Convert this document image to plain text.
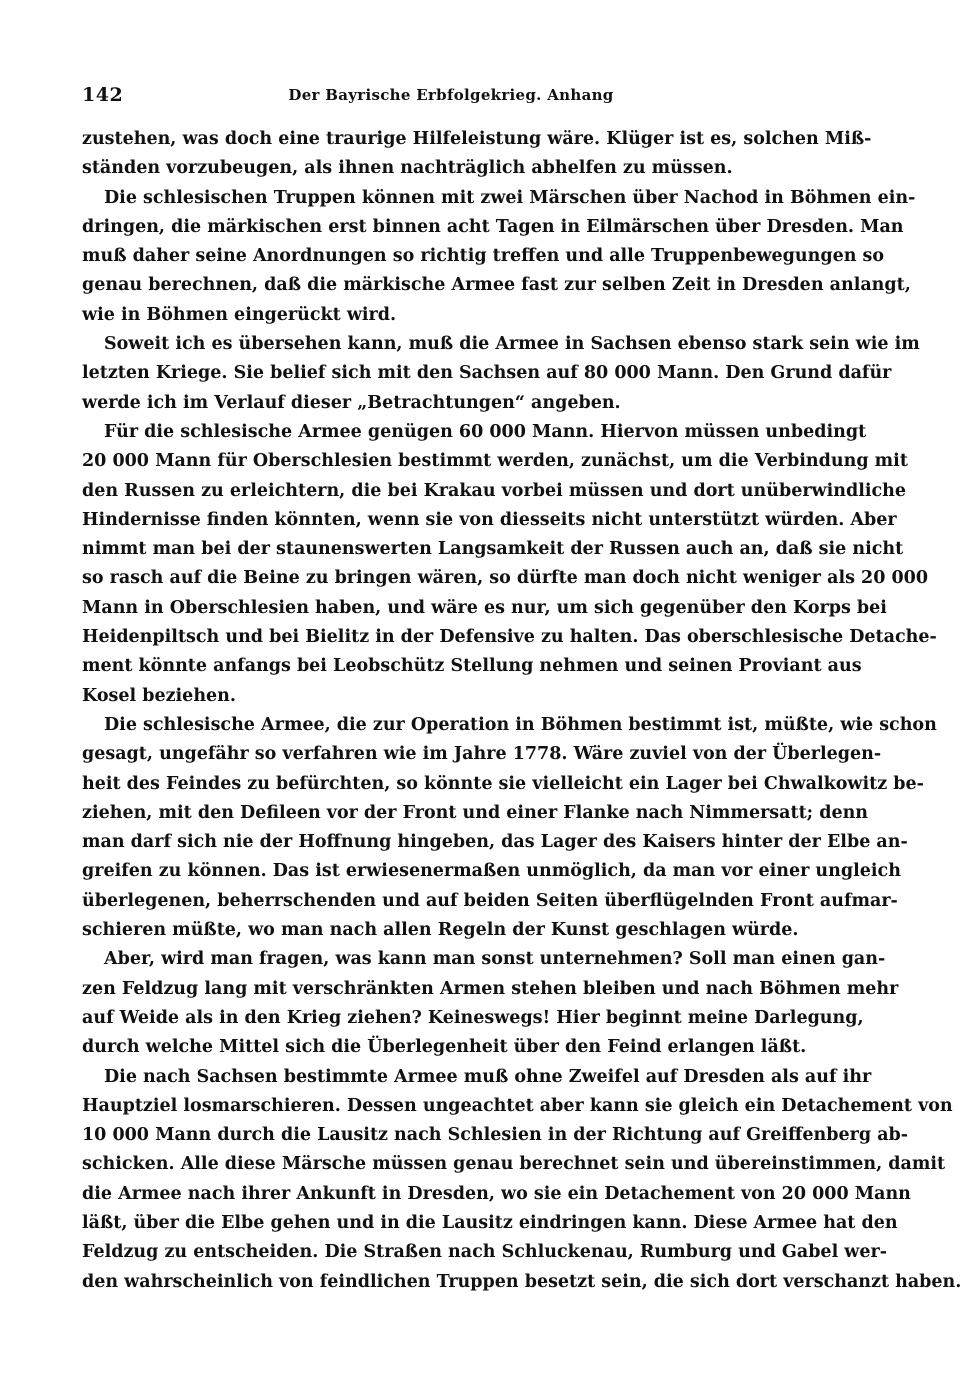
142	Der Bayrische Erbfolgekrieg. Anhang
zustehen, was doch eine traurige Hilfeleistung wäre. Klüger ist es, solchen Miß-
ständen vorzubeugen, als ihnen nachträglich abhelfen zu müssen.
Die schlesischen Truppen können mit zwei Märschen über Nachod in Böhmen ein-
dringen, die märkischen erst binnen acht Tagen in Eilmärschen über Dresden. Man
muß daher seine Anordnungen so richtig treffen und alle Truppenbewegungen so
genau berechnen, daß die märkische Armee fast zur selben Zeit in Dresden anlangt,
wie in Böhmen eingerückt wird.
Soweit ich es übersehen kann, muß die Armee in Sachsen ebenso stark sein wie im
letzten Kriege. Sie belief sich mit den Sachsen auf 80 000 Mann. Den Grund dafür
werde ich im Verlauf dieser „Betrachtungen“ angeben.
Für die schlesische Armee genügen 60 000 Mann. Hiervon müssen unbedingt
20 000 Mann für Oberschlesien bestimmt werden, zunächst, um die Verbindung mit
den Russen zu erleichtern, die bei Krakau vorbei müssen und dort unüberwindliche
Hindernisse finden könnten, wenn sie von diesseits nicht unterstützt würden. Aber
nimmt man bei der staunenswerten Langsamkeit der Russen auch an, daß sie nicht
so rasch auf die Beine zu bringen wären, so dürfte man doch nicht weniger als 20 000
Mann in Oberschlesien haben, und wäre es nur, um sich gegenüber den Korps bei
Heidenpiltsch und bei Bielitz in der Defensive zu halten. Das oberschlesische Detache-
ment könnte anfangs bei Leobschütz Stellung nehmen und seinen Proviant aus
Kosel beziehen.
Die schlesische Armee, die zur Operation in Böhmen bestimmt ist, müßte, wie schon
gesagt, ungefähr so verfahren wie im Jahre 1778. Wäre zuviel von der Überlegen-
heit des Feindes zu befürchten, so könnte sie vielleicht ein Lager bei Chwalkowitz be-
ziehen, mit den Defileen vor der Front und einer Flanke nach Nimmersatt; denn
man darf sich nie der Hoffnung hingeben, das Lager des Kaisers hinter der Elbe an-
greifen zu können. Das ist erwiesenermaßen unmöglich, da man vor einer ungleich
überlegenen, beherrschenden und auf beiden Seiten überflügelnden Front aufmar-
schieren müßte, wo man nach allen Regeln der Kunst geschlagen würde.
Aber, wird man fragen, was kann man sonst unternehmen? Soll man einen gan-
zen Feldzug lang mit verschränkten Armen stehen bleiben und nach Böhmen mehr
auf Weide als in den Krieg ziehen? Keineswegs! Hier beginnt meine Darlegung,
durch welche Mittel sich die Überlegenheit über den Feind erlangen läßt.
Die nach Sachsen bestimmte Armee muß ohne Zweifel auf Dresden als auf ihr
Hauptziel losmarschieren. Dessen ungeachtet aber kann sie gleich ein Detachement von
10 000 Mann durch die Lausitz nach Schlesien in der Richtung auf Greiffenberg ab-
schicken. Alle diese Märsche müssen genau berechnet sein und übereinstimmen, damit
die Armee nach ihrer Ankunft in Dresden, wo sie ein Detachement von 20 000 Mann
läßt, über die Elbe gehen und in die Lausitz eindringen kann. Diese Armee hat den
Feldzug zu entscheiden. Die Straßen nach Schluckenau, Rumburg und Gabel wer-
den wahrscheinlich von feindlichen Truppen besetzt sein, die sich dort verschanzt haben.
